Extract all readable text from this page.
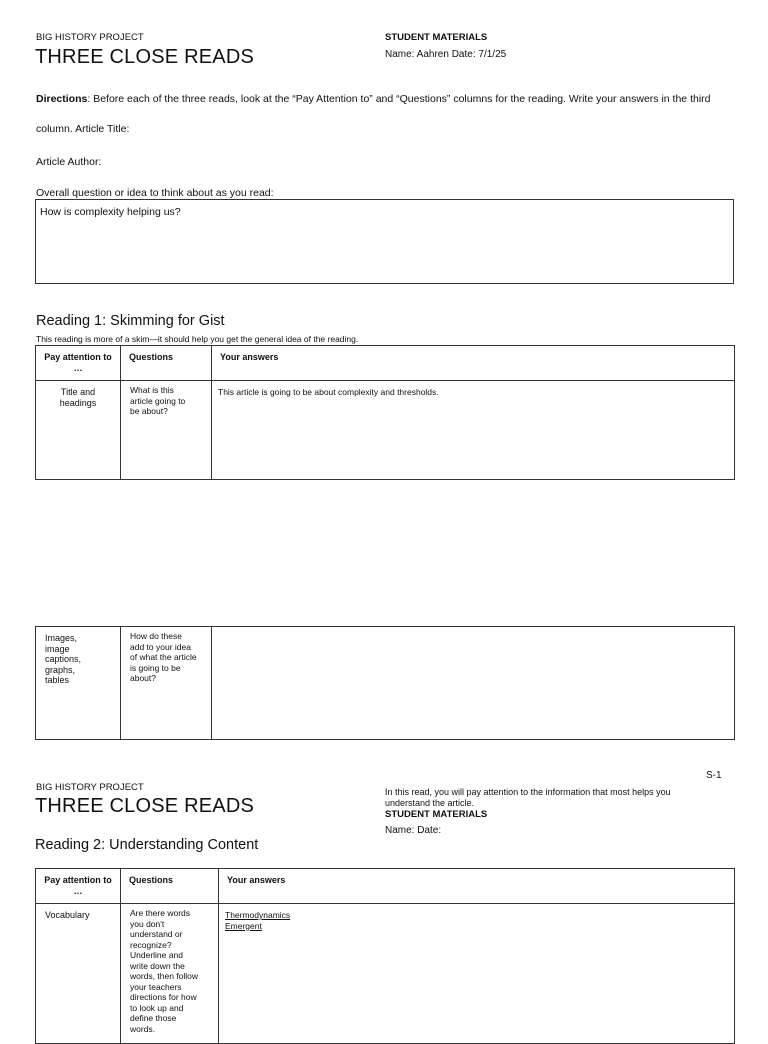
BIG HISTORY PROJECT
THREE CLOSE READS
STUDENT MATERIALS
Name: Aahren Date: 7/1/25
Directions: Before each of the three reads, look at the “Pay Attention to” and “Questions” columns for the reading. Write your answers in the third
column. Article Title:
Article Author:
Overall question or idea to think about as you read:
How is complexity helping us?
Reading 1: Skimming for Gist
This reading is more of a skim—it should help you get the general idea of the reading.
Pay attention to …	Questions	Your answers
Title and headings	What is this article going to be about?	This article is going to be about complexity and thresholds.
Images, image captions, graphs, tables	How do these add to your idea of what the article is going to be about?	
S-1
BIG HISTORY PROJECT
THREE CLOSE READS
In this read, you will pay attention to the information that most helps you understand the article.
STUDENT MATERIALS
Name: Date:
Reading 2: Understanding Content
Pay attention to …	Questions	Your answers
Vocabulary	Are there words you don't understand or recognize? Underline and write down the words, then follow your teachers directions for how to look up and define those words.	Thermodynamics
Emergent
